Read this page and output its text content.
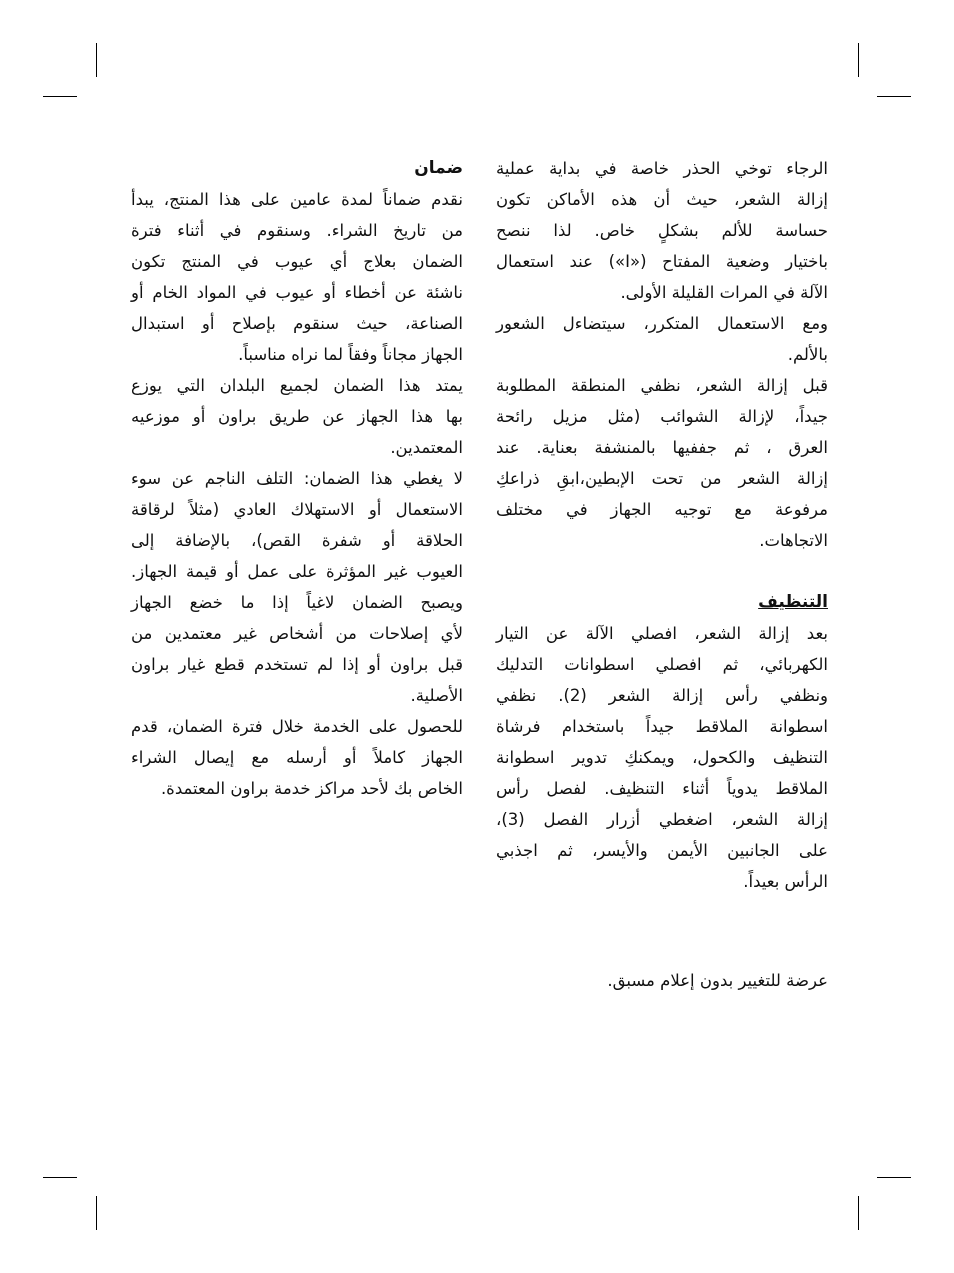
الرجاء توخي الحذر خاصة في بداية عملية
إزالة الشعر، حيث أن هذه الأماكن تكون
حساسة للألم بشكلٍ خاص. لذا ننصح
باختيار وضعية المفتاح («I») عند استعمال
الآلة في المرات القليلة الأولى.

ومع الاستعمال المتكرر، سيتضاءل الشعور
بالألم.

قبل إزالة الشعر، نظفي المنطقة المطلوبة
جيداً، لإزالة الشوائب (مثل مزيل رائحة
العرق ، ثم جففيها بالمنشفة بعناية. عند
إزالة الشعر من تحت الإبطين،ابقِ ذراعكِ
مرفوعة مع توجيه الجهاز في مختلف
الاتجاهات.

التنظيف

بعد إزالة الشعر، افصلي الآلة عن التيار
الكهربائي، ثم افصلي اسطوانات التدليك
ونظفي رأس إزالة الشعر (2). نظفي
اسطوانة الملاقط جيداً باستخدام فرشاة
التنظيف والكحول، ويمكنكِ تدوير اسطوانة
الملاقط يدوياً أثناء التنظيف. لفصل رأس
إزالة الشعر، اضغطي أزرار الفصل (3)،
على الجانبين الأيمن والأيسر، ثم اجذبي
الرأس بعيداً.

ضمان

نقدم ضماناً لمدة عامين على هذا المنتج، يبدأ
من تاريخ الشراء. وسنقوم في أثناء فترة
الضمان بعلاج أي عيوب في المنتج تكون
ناشئة عن أخطاء أو عيوب في المواد الخام أو
الصناعة، حيث سنقوم بإصلاح أو استبدال
الجهاز مجاناً وفقاً لما نراه مناسباً.

يمتد هذا الضمان لجميع البلدان التي يوزع
بها هذا الجهاز عن طريق براون أو موزعيه
المعتمدين.

لا يغطي هذا الضمان: التلف الناجم عن سوء
الاستعمال أو الاستهلاك العادي (مثلاً لرقاقة
الحلاقة أو شفرة القص)، بالإضافة إلى
العيوب غير المؤثرة على عمل أو قيمة الجهاز.
ويصبح الضمان لاغياً إذا ما خضع الجهاز
لأي إصلاحات من أشخاص غير معتمدين من
قبل براون أو إذا لم تستخدم قطع غيار براون
الأصلية.

للحصول على الخدمة خلال فترة الضمان، قدم
الجهاز كاملاً أو أرسله مع إيصال الشراء
الخاص بك لأحد مراكز خدمة براون المعتمدة.

عرضة للتغيير بدون إعلام مسبق.
